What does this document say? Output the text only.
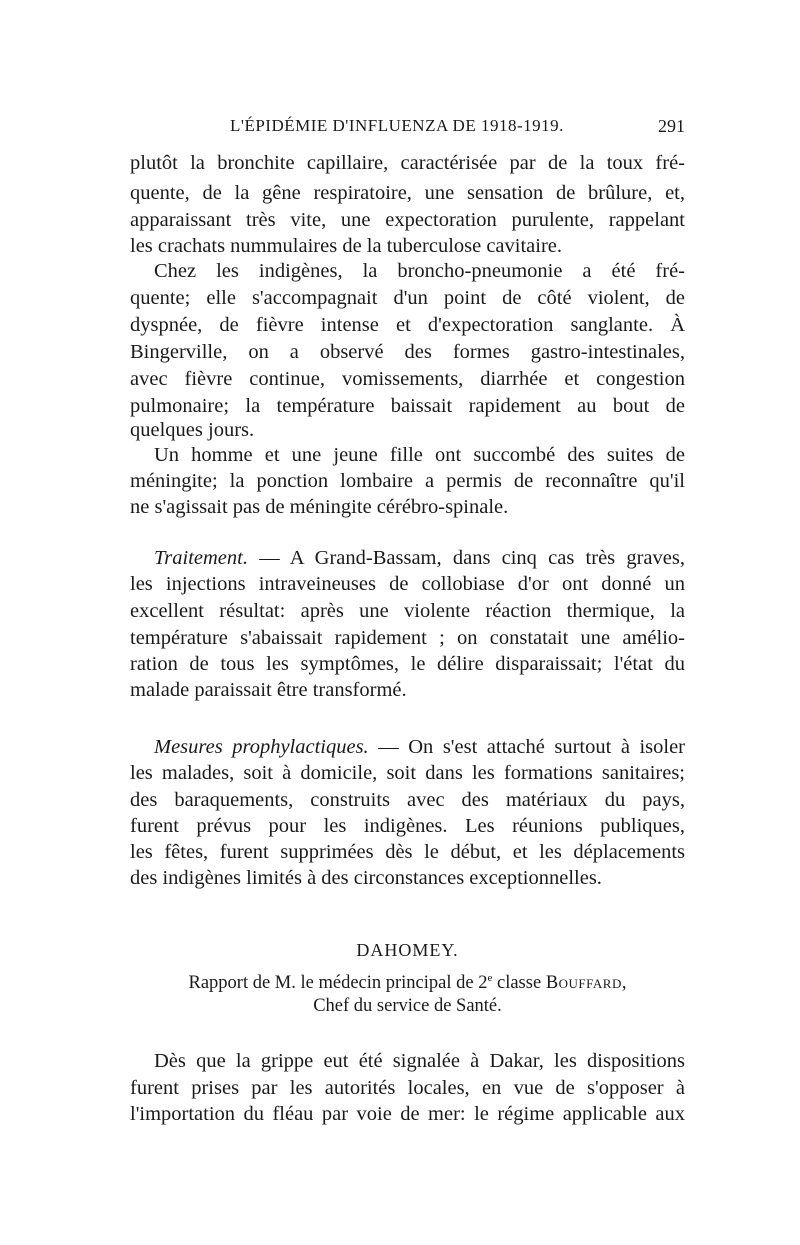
L'ÉPIDÉMIE D'INFLUENZA DE 1918-1919.	291
plutôt la bronchite capillaire, caractérisée par de la toux fré-
quente, de la gêne respiratoire, une sensation de brûlure, et,
apparaissant très vite, une expectoration purulente, rappelant
les crachats nummulaires de la tuberculose cavitaire.
Chez les indigènes, la broncho-pneumonie a été fré-
quente; elle s'accompagnait d'un point de côté violent, de
dyspnée, de fièvre intense et d'expectoration sanglante. À
Bingerville, on a observé des formes gastro-intestinales,
avec fièvre continue, vomissements, diarrhée et congestion
pulmonaire; la température baissait rapidement au bout de
quelques jours.
Un homme et une jeune fille ont succombé des suites de
méningite; la ponction lombaire a permis de reconnaître qu'il
ne s'agissait pas de méningite cérébro-spinale.
Traitement. — A Grand-Bassam, dans cinq cas très graves,
les injections intraveineuses de collobiase d'or ont donné un
excellent résultat: après une violente réaction thermique, la
température s'abaissait rapidement ; on constatait une amélio-
ration de tous les symptômes, le délire disparaissait; l'état du
malade paraissait être transformé.
Mesures prophylactiques. — On s'est attaché surtout à isoler
les malades, soit à domicile, soit dans les formations sanitaires;
des baraquements, construits avec des matériaux du pays,
furent prévus pour les indigènes. Les réunions publiques,
les fêtes, furent supprimées dès le début, et les déplacements
des indigènes limités à des circonstances exceptionnelles.
DAHOMEY.
Rapport de M. le médecin principal de 2e classe Bouffard,
Chef du service de Santé.
Dès que la grippe eut été signalée à Dakar, les dispositions
furent prises par les autorités locales, en vue de s'opposer à
l'importation du fléau par voie de mer: le régime applicable aux
